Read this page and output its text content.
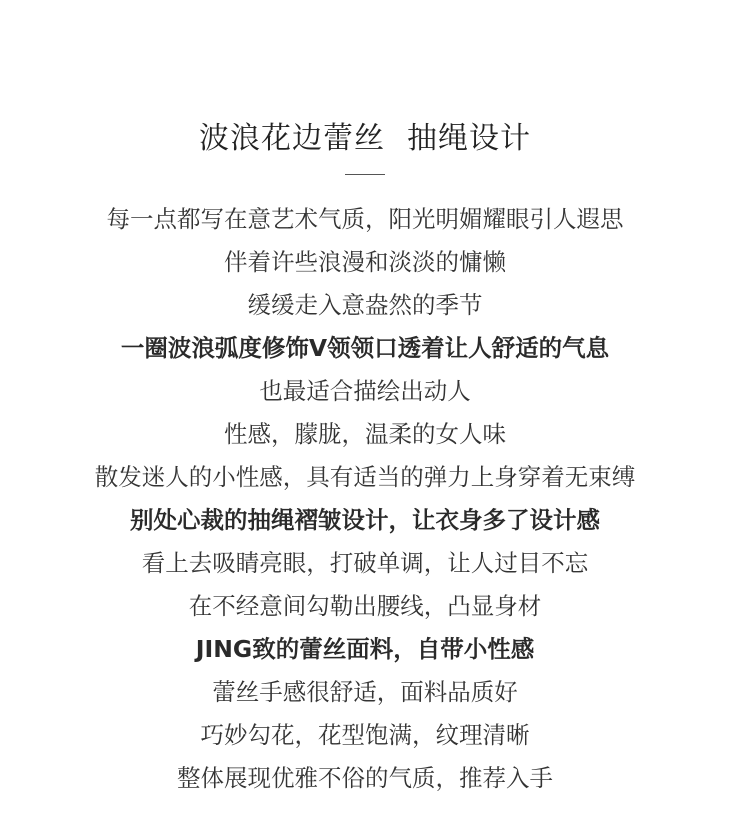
波浪花边蕾丝 抽绳设计
每一点都写在意艺术气质，阳光明媚耀眼引人遐思
伴着许些浪漫和淡淡的慵懒
缓缓走入意盎然的季节
一圈波浪弧度修饰V领领口透着让人舒适的气息
也最适合描绘出动人
性感，朦胧，温柔的女人味
散发迷人的小性感，具有适当的弹力上身穿着无束缚
别处心裁的抽绳褶皱设计，让衣身多了设计感
看上去吸睛亮眼，打破单调，让人过目不忘
在不经意间勾勒出腰线，凸显身材
JING致的蕾丝面料，自带小性感
蕾丝手感很舒适，面料品质好
巧妙勾花，花型饱满，纹理清晰
整体展现优雅不俗的气质，推荐入手
